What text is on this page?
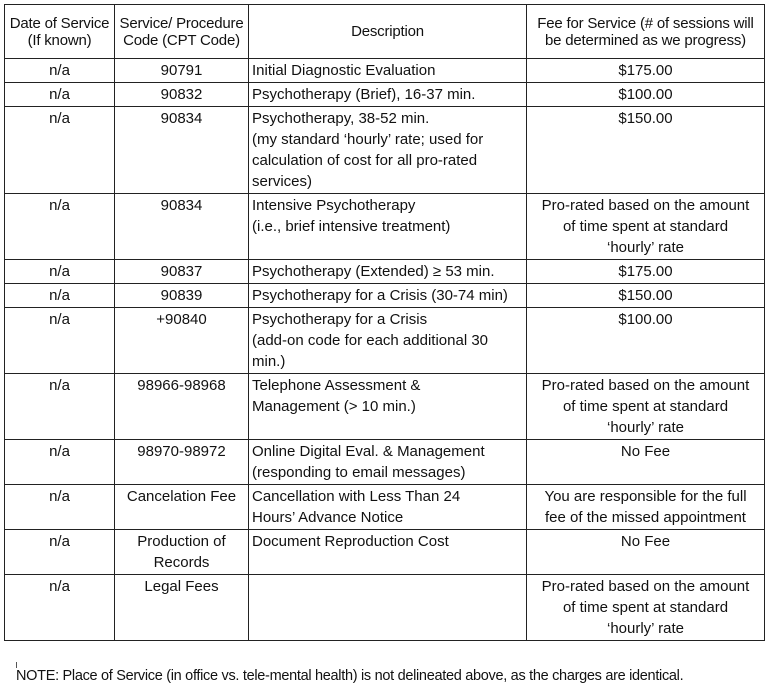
Date of Service (If known)	Service/ Procedure Code (CPT Code)	Description	Fee for Service (# of sessions will be determined as we progress)
n/a	90791	Initial Diagnostic Evaluation	$175.00

n/a	90832	Psychotherapy (Brief), 16-37 min.	$100.00

n/a	90834	Psychotherapy, 38-52 min.
(my standard ‘hourly’ rate; used for
calculation of cost for all pro-rated
services)	$150.00

n/a	90834	Intensive Psychotherapy
(i.e., brief intensive treatment)	Pro-rated based on the amount
of time spent at standard
‘hourly’ rate

n/a	90837	Psychotherapy (Extended) ≥ 53 min.	$175.00

n/a	90839	Psychotherapy for a Crisis (30-74 min)	$150.00

n/a	+90840	Psychotherapy for a Crisis
(add-on code for each additional 30
min.)	$100.00

n/a	98966-98968	Telephone Assessment &
Management (> 10 min.)	Pro-rated based on the amount
of time spent at standard
‘hourly’ rate

n/a	98970-98972	Online Digital Eval. & Management
(responding to email messages)	No Fee

n/a	Cancelation Fee	Cancellation with Less Than 24
Hours’ Advance Notice	You are responsible for the full
fee of the missed appointment

n/a	Production of Records	Document Reproduction Cost	No Fee

n/a	Legal Fees		Pro-rated based on the amount
of time spent at standard
‘hourly’ rate
NOTE: Place of Service (in office vs. tele-mental health) is not delineated above, as the charges are identical.
